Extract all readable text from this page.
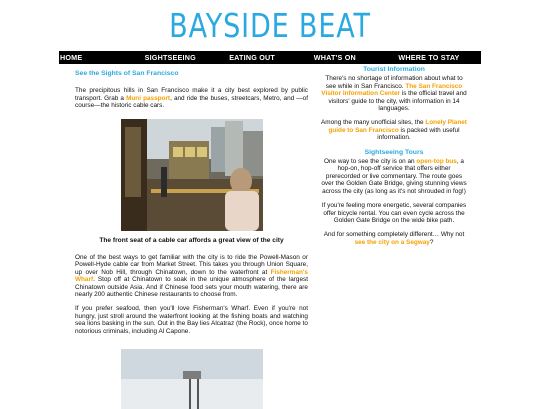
BAYSIDE BEAT
HOME	SIGHTSEEING	EATING OUT	WHAT'S ON	WHERE TO STAY
See the Sights of San Francisco

The precipitous hills in San Francisco make it a city best explored by public transport. Grab a Muni passport, and ride the buses, streetcars, Metro, and —of course—the historic cable cars.

The front seat of a cable car affords a great view of the city

One of the best ways to get familiar with the city is to ride the Powell-Mason or Powell-Hyde cable car from Market Street. This takes you through Union Square, up over Nob Hill, through Chinatown, down to the waterfront at Fisherman's Wharf. Stop off at Chinatown to soak in the unique atmosphere of the largest Chinatown outside Asia. And if Chinese food sets your mouth watering, there are nearly 200 authentic Chinese restaurants to choose from.

If you prefer seafood, then you'll love Fisherman's Wharf. Even if you're not hungry, just stroll around the waterfront looking at the fishing boats and watching sea lions basking in the sun. Out in the Bay lies Alcatraz (the Rock), once home to notorious criminals, including Al Capone.

Tourist Information

There's no shortage of information about what to see while in San Francisco. The San Francisco Visitor Information Center is the official travel and visitors' guide to the city, with information in 14 languages.

Among the many unofficial sites, the Lonely Planet guide to San Francisco is packed with useful information.

Sightseeing Tours

One way to see the city is on an open-top bus, a hop-on, hop-off service that offers either prerecorded or live commentary. The route goes over the Golden Gate Bridge, giving stunning views across the city (as long as it's not shrouded in fog!)

If you're feeling more energetic, several companies offer bicycle rental. You can even cycle across the Golden Gate Bridge on the wide bike path.

And for something completely different… Why not see the city on a Segway?
